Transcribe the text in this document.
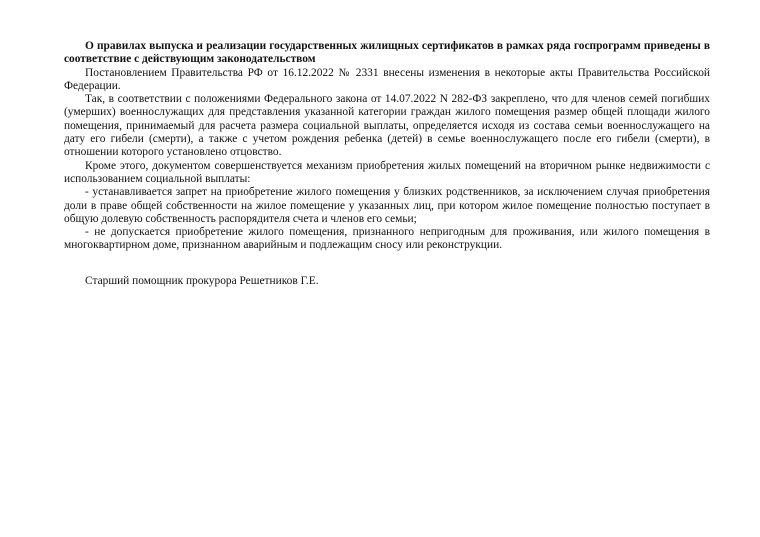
О правилах выпуска и реализации государственных жилищных сертификатов в рамках ряда госпрограмм приведены в соответствие с действующим законодательством

Постановлением Правительства РФ от 16.12.2022 № 2331 внесены изменения в некоторые акты Правительства Российской Федерации.

Так, в соответствии с положениями Федерального закона от 14.07.2022 N 282-ФЗ закреплено, что для членов семей погибших (умерших) военнослужащих для представления указанной категории граждан жилого помещения размер общей площади жилого помещения, принимаемый для расчета размера социальной выплаты, определяется исходя из состава семьи военнослужащего на дату его гибели (смерти), а также с учетом рождения ребенка (детей) в семье военнослужащего после его гибели (смерти), в отношении которого установлено отцовство.

Кроме этого, документом совершенствуется механизм приобретения жилых помещений на вторичном рынке недвижимости с использованием социальной выплаты:

- устанавливается запрет на приобретение жилого помещения у близких родственников, за исключением случая приобретения доли в праве общей собственности на жилое помещение у указанных лиц, при котором жилое помещение полностью поступает в общую долевую собственность распорядителя счета и членов его семьи;

- не допускается приобретение жилого помещения, признанного непригодным для проживания, или жилого помещения в многоквартирном доме, признанном аварийным и подлежащим сносу или реконструкции.

Старший помощник прокурора Решетников Г.Е.
